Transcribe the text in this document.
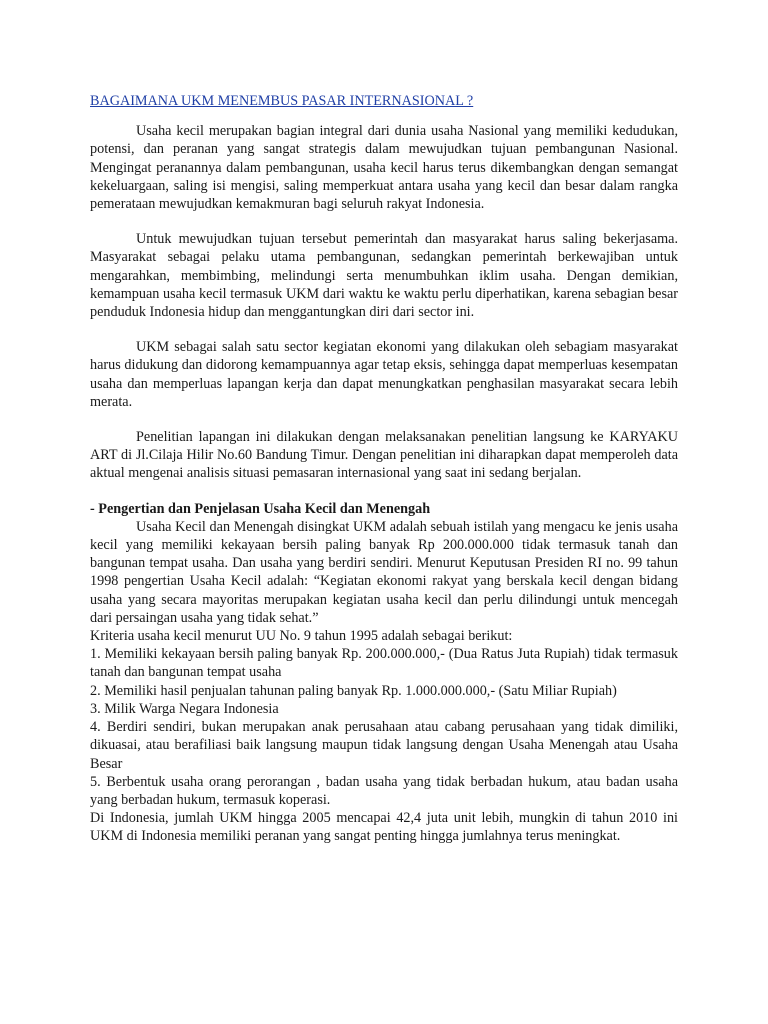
BAGAIMANA UKM MENEMBUS PASAR INTERNASIONAL ?

Usaha kecil merupakan bagian integral dari dunia usaha Nasional yang memiliki kedudukan, potensi, dan peranan yang sangat strategis dalam mewujudkan tujuan pembangunan Nasional. Mengingat peranannya dalam pembangunan, usaha kecil harus terus dikembangkan dengan semangat kekeluargaan, saling isi mengisi, saling memperkuat antara usaha yang kecil dan besar dalam rangka pemerataan mewujudkan kemakmuran bagi seluruh rakyat Indonesia.

Untuk mewujudkan tujuan tersebut pemerintah dan masyarakat harus saling bekerjasama. Masyarakat sebagai pelaku utama pembangunan, sedangkan pemerintah berkewajiban untuk mengarahkan, membimbing, melindungi serta menumbuhkan iklim usaha. Dengan demikian, kemampuan usaha kecil termasuk UKM dari waktu ke waktu perlu diperhatikan, karena sebagian besar penduduk Indonesia hidup dan menggantungkan diri dari sector ini.

UKM sebagai salah satu sector kegiatan ekonomi yang dilakukan oleh sebagiam masyarakat harus didukung dan didorong kemampuannya agar tetap eksis, sehingga dapat memperluas kesempatan usaha dan memperluas lapangan kerja dan dapat menungkatkan penghasilan masyarakat secara lebih merata.

Penelitian lapangan ini dilakukan dengan melaksanakan penelitian langsung ke KARYAKU ART di Jl.Cilaja Hilir No.60 Bandung Timur. Dengan penelitian ini diharapkan dapat memperoleh data aktual mengenai analisis situasi pemasaran internasional yang saat ini sedang berjalan.

- Pengertian dan Penjelasan Usaha Kecil dan Menengah

Usaha Kecil dan Menengah disingkat UKM adalah sebuah istilah yang mengacu ke jenis usaha kecil yang memiliki kekayaan bersih paling banyak Rp 200.000.000 tidak termasuk tanah dan bangunan tempat usaha. Dan usaha yang berdiri sendiri. Menurut Keputusan Presiden RI no. 99 tahun 1998 pengertian Usaha Kecil adalah: “Kegiatan ekonomi rakyat yang berskala kecil dengan bidang usaha yang secara mayoritas merupakan kegiatan usaha kecil dan perlu dilindungi untuk mencegah dari persaingan usaha yang tidak sehat.”

Kriteria usaha kecil menurut UU No. 9 tahun 1995 adalah sebagai berikut:

1. Memiliki kekayaan bersih paling banyak Rp. 200.000.000,- (Dua Ratus Juta Rupiah) tidak termasuk tanah dan bangunan tempat usaha

2. Memiliki hasil penjualan tahunan paling banyak Rp. 1.000.000.000,- (Satu Miliar Rupiah)

3. Milik Warga Negara Indonesia

4. Berdiri sendiri, bukan merupakan anak perusahaan atau cabang perusahaan yang tidak dimiliki, dikuasai, atau berafiliasi baik langsung maupun tidak langsung dengan Usaha Menengah atau Usaha Besar

5. Berbentuk usaha orang perorangan , badan usaha yang tidak berbadan hukum, atau badan usaha yang berbadan hukum, termasuk koperasi.

Di Indonesia, jumlah UKM hingga 2005 mencapai 42,4 juta unit lebih, mungkin di tahun 2010 ini UKM di Indonesia memiliki peranan yang sangat penting hingga jumlahnya terus meningkat.
